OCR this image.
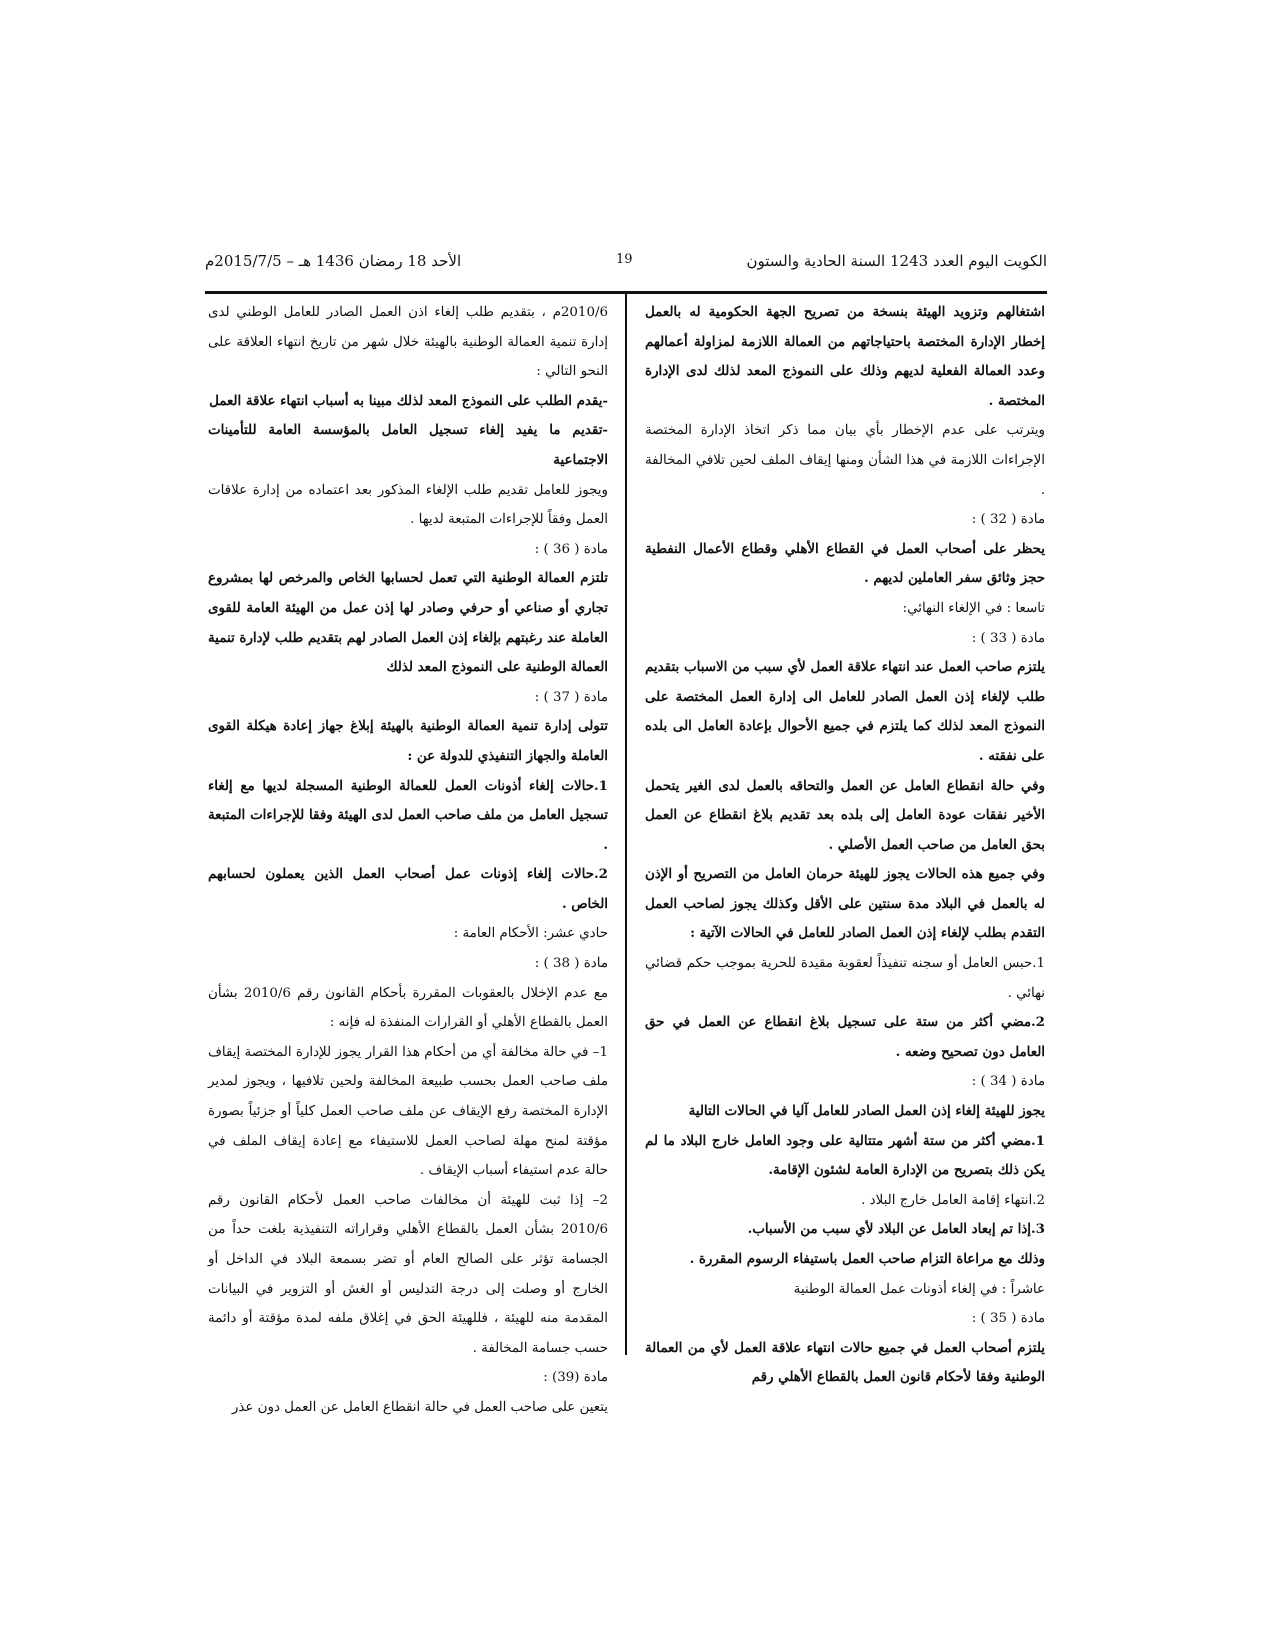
الكويت اليوم العدد 1243 السنة الحادية والستون
19
الأحد 18 رمضان 1436 هـ – 2015/7/5م

اشتغالهم وتزويد الهيئة بنسخة من تصريح الجهة الحكومية له بالعمل إخطار الإدارة المختصة باحتياجاتهم من العمالة اللازمة لمزاولة أعمالهم وعدد العمالة الفعلية لديهم وذلك على النموذج المعد لذلك لدى الإدارة المختصة .

ويترتب على عدم الإخطار بأي بيان مما ذكر اتخاذ الإدارة المختصة الإجراءات اللازمة في هذا الشأن ومنها إيقاف الملف لحين تلافي المخالفة .

مادة ( 32 ) :

يحظر على أصحاب العمل في القطاع الأهلي وقطاع الأعمال النفطية حجز وثائق سفر العاملين لديهم .

تاسعا : في الإلغاء النهائي:

مادة ( 33 ) :

يلتزم صاحب العمل عند انتهاء علاقة العمل لأي سبب من الاسباب بتقديم طلب لإلغاء إذن العمل الصادر للعامل الى إدارة العمل المختصة على النموذج المعد لذلك كما يلتزم في جميع الأحوال بإعادة العامل الى بلده على نفقته .

وفي حالة انقطاع العامل عن العمل والتحاقه بالعمل لدى الغير يتحمل الأخير نفقات عودة العامل إلى بلده بعد تقديم بلاغ انقطاع عن العمل بحق العامل من صاحب العمل الأصلي .

وفي جميع هذه الحالات يجوز للهيئة حرمان العامل من التصريح أو الإذن له بالعمل في البلاد مدة سنتين على الأقل وكذلك يجوز لصاحب العمل التقدم بطلب لإلغاء إذن العمل الصادر للعامل في الحالات الآتية :

1.حبس العامل أو سجنه تنفيذاً لعقوبة مقيدة للحرية بموجب حكم قضائي نهائي .

2.مضي أكثر من ستة على تسجيل بلاغ انقطاع عن العمل في حق العامل دون تصحيح وضعه .

مادة ( 34 ) :

يجوز للهيئة إلغاء إذن العمل الصادر للعامل آليا في الحالات التالية

1.مضي أكثر من ستة أشهر متتالية على وجود العامل خارج البلاد ما لم يكن ذلك بتصريح من الإدارة العامة لشئون الإقامة.

2.انتهاء إقامة العامل خارج البلاد .

3.إذا تم إبعاد العامل عن البلاد لأي سبب من الأسباب.

وذلك مع مراعاة التزام صاحب العمل باستيفاء الرسوم المقررة .

عاشراً : في إلغاء أذونات عمل العمالة الوطنية

مادة ( 35 ) :

يلتزم أصحاب العمل في جميع حالات انتهاء علاقة العمل لأي من العمالة الوطنية وفقا لأحكام قانون العمل بالقطاع الأهلي رقم

2010/6م ، بتقديم طلب إلغاء اذن العمل الصادر للعامل الوطني لدى إدارة تنمية العمالة الوطنية بالهيئة خلال شهر من تاريخ انتهاء العلاقة على النحو التالي :

-يقدم الطلب على النموذج المعد لذلك مبينا به أسباب انتهاء علاقة العمل

-تقديم ما يفيد إلغاء تسجيل العامل بالمؤسسة العامة للتأمينات الاجتماعية

ويجوز للعامل تقديم طلب الإلغاء المذكور بعد اعتماده من إدارة علاقات العمل وفقاً للإجراءات المتبعة لديها .

مادة ( 36 ) :

تلتزم العمالة الوطنية التي تعمل لحسابها الخاص والمرخص لها بمشروع تجاري أو صناعي أو حرفي وصادر لها إذن عمل من الهيئة العامة للقوى العاملة عند رغبتهم بإلغاء إذن العمل الصادر لهم بتقديم طلب لإدارة تنمية العمالة الوطنية على النموذج المعد لذلك

مادة ( 37 ) :

تتولى إدارة تنمية العمالة الوطنية بالهيئة إبلاغ جهاز إعادة هيكلة القوى العاملة والجهاز التنفيذي للدولة عن :

1.حالات إلغاء أذونات العمل للعمالة الوطنية المسجلة لديها مع إلغاء تسجيل العامل من ملف صاحب العمل لدى الهيئة وفقا للإجراءات المتبعة .

2.حالات إلغاء إذونات عمل أصحاب العمل الذين يعملون لحسابهم الخاص .

حادي عشر: الأحكام العامة :

مادة ( 38 ) :

مع عدم الإخلال بالعقوبات المقررة بأحكام القانون رقم 2010/6 بشأن العمل بالقطاع الأهلي أو القرارات المنفذة له فإنه :

1– في حالة مخالفة أي من أحكام هذا القرار يجوز للإدارة المختصة إيقاف ملف صاحب العمل بحسب طبيعة المخالفة ولحين تلافيها ، ويجوز لمدير الإدارة المختصة رفع الإيقاف عن ملف صاحب العمل كلياً أو جزئياً بصورة مؤقتة لمنح مهلة لصاحب العمل للاستيفاء مع إعادة إيقاف الملف في حالة عدم استيفاء أسباب الإيقاف .

2– إذا ثبت للهيئة أن مخالفات صاحب العمل لأحكام القانون رقم 2010/6 بشأن العمل بالقطاع الأهلي وقراراته التنفيذية بلغت حداً من الجسامة تؤثر على الصالح العام أو تضر بسمعة البلاد في الداخل أو الخارج أو وصلت إلى درجة التدليس أو الغش أو التزوير في البيانات المقدمة منه للهيئة ، فللهيئة الحق في إغلاق ملفه لمدة مؤقتة أو دائمة حسب جسامة المخالفة .

مادة (39) :

يتعين على صاحب العمل في حالة انقطاع العامل عن العمل دون عذر
